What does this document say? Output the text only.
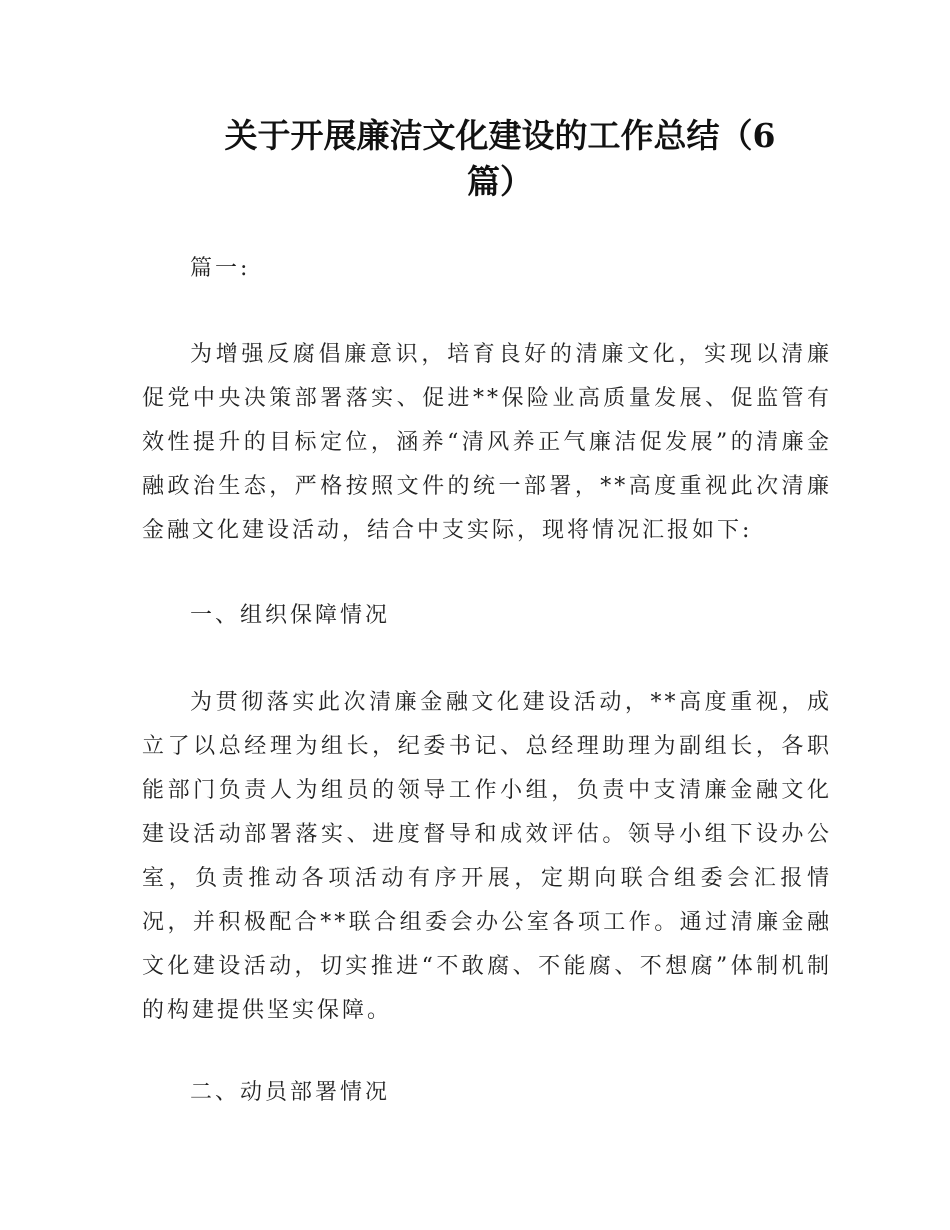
关于开展廉洁文化建设的工作总结（6篇）
篇一:
为增强反腐倡廉意识，培育良好的清廉文化，实现以清廉促党中央决策部署落实、促进**保险业高质量发展、促监管有效性提升的目标定位，涵养“清风养正气廉洁促发展”的清廉金融政治生态，严格按照文件的统一部署，**高度重视此次清廉金融文化建设活动，结合中支实际，现将情况汇报如下:
一、组织保障情况
为贯彻落实此次清廉金融文化建设活动，**高度重视，成立了以总经理为组长，纪委书记、总经理助理为副组长，各职能部门负责人为组员的领导工作小组，负责中支清廉金融文化建设活动部署落实、进度督导和成效评估。领导小组下设办公室，负责推动各项活动有序开展，定期向联合组委会汇报情况，并积极配合**联合组委会办公室各项工作。通过清廉金融文化建设活动，切实推进“不敢腐、不能腐、不想腐”体制机制的构建提供坚实保障。
二、动员部署情况
